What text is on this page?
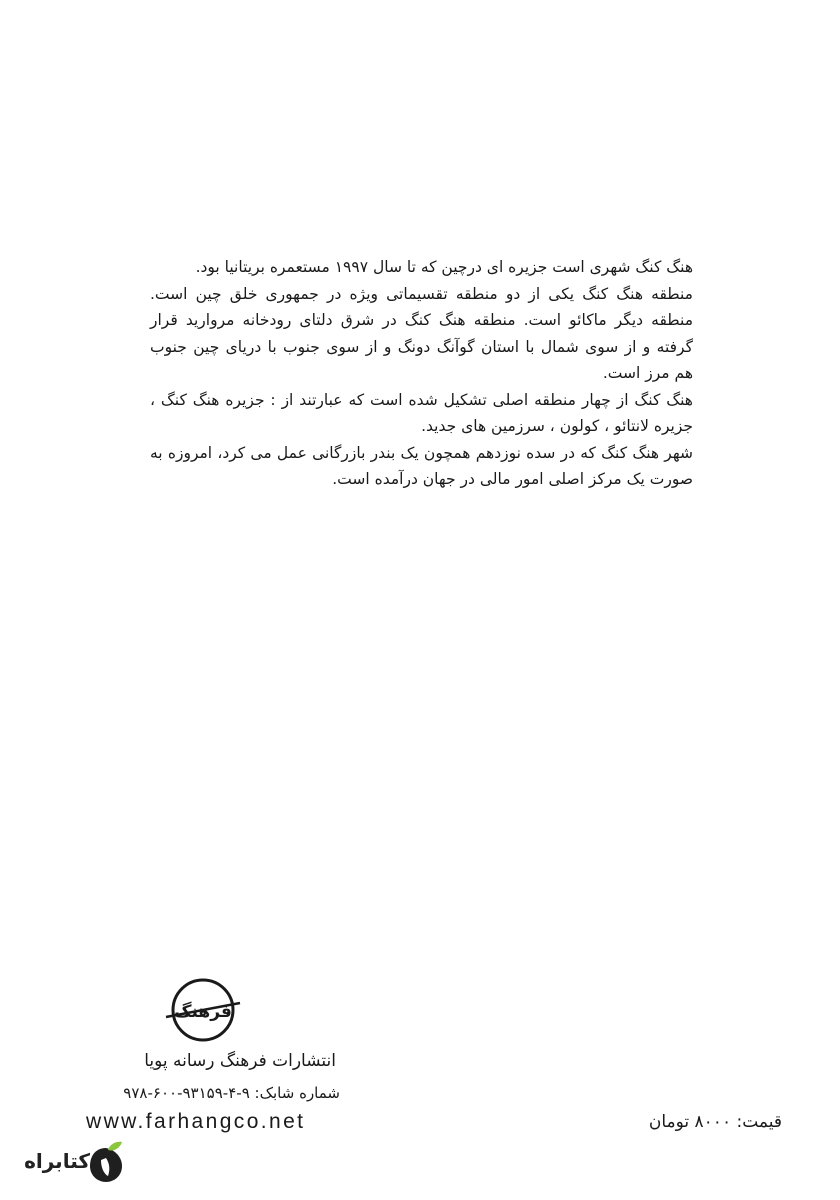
هنگ کنگ شهری است جزیره ای درچین که تا سال ۱۹۹۷ مستعمره بریتانیا بود.

منطقه هنگ کنگ یکی از دو منطقه تقسیماتی ویژه در جمهوری خلق چین است. منطقه دیگر ماکائو است. منطقه هنگ کنگ در شرق دلتای رودخانه مروارید قرار گرفته و از سوی شمال با استان گوآنگ دونگ و از سوی جنوب با دریای چین جنوب هم مرز است.

هنگ کنگ از چهار منطقه اصلی تشکیل شده است که عبارتند از : جزیره هنگ کنگ ، جزیره لانتائو ، کولون ، سرزمین های جدید.

شهر هنگ کنگ که در سده نوزدهم همچون یک بندر بازرگانی عمل می کرد، امروزه به صورت یک مرکز اصلی امور مالی در جهان درآمده است.

فرهنگ
انتشارات فرهنگ رسانه پویا
شماره شابک: ۹-۴-۹۳۱۵۹-۶۰۰-۹۷۸
www.farhangco.net	قیمت: ۸۰۰۰ تومان
کتابراه
